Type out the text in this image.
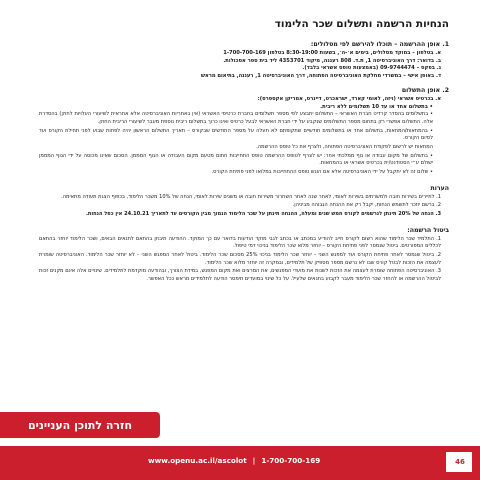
הנחיות הרשמה ותשלום שכר הלימוד
1. אופן ההרשמה – תוכלו להירשם לפי מסלולים:

א. בטלפון – במוקד מסלולים, בימים א׳-ה׳, בשעות 8:30-19:00 בטלפון 1-700-700-169

ב. בדואר: דרך האוניברסיטה 1, ת.ד. 808 רעננה, מיקוד 4353701 ליד בית ספר אסכולות.

ג. בפקס – 09-9744474 (באמצעות טופס אשראי בלבד).

ד. באופן אישי – במשרדי מחלקת האוניברסיטה הפתוחה, דרך האוניברסיטה 1, רעננה, בתיאום מראש

2. אופן התשלום

א. בכרטיס אשראי (ויזה, לאומי קארד, ישראכרט, דיינרס, אמריקן אקספרס):

• בתשלום אחד או עד 10 תשלומים ללא ריבית.

• בתשלומים בהסדר קרדיט חברת האשראי – התשלום יתבצע לפי מספר תשלומים בחברת כרטיסי האשראי (אין באחריות האוניברסיטה אלא אחראית לשיעורי העלויות לחוק) בהסדרת אלה. התשלום אפשרי רק בתחום מספר התשלומים שנקבע על ידי חברת האשראי לבעל כרטיס ואינו כרוך בתשלום ריבית נוספת מעבר לשיעורי הריבית החוק.

• בהמחאות/המחאות, בתשלום אחד או בתשלומים חודשיים שתקופתם לא תעלה על מספר החודשים שבקורס – תאריך התשלום הראשון יהיה לפחות שבוע לפני תחילת הקורס ועד לסיום הקורס.

המחאות יש לרשום לפקודת האוניברסיטה הפתוחה, ולצרף את כל טופס ההרשמה.

• בתשלום של מקום עבודה או גוף ממלכתי אחר: יש לצרף לטופס ההרשמה טופס התחייבות חתום מטעם מקום העבודה או הגוף המממן. הסכום שאינו מכוסה על ידי הגוף המממן ישולם ע״י הסטודנט/ית בכרטיס אשראי או בהמחאות.

• שלום זה לא יתקבל על ידי האוניברסיטה אלא אם הוגש טופס ההתחייבות במלואו לפני פתיחת הקורס.

הערות

1. לתיירים בשירות חובה ולמשרתים בשירות לאומי, לאחר שנה לאחר השחרור משירות חובה או משנים שירות לאומי, הנחה של 10% משכר הלימוד, בכפוף הצגת תעודה מתאימה.

2. ברשם יוזכר לתשמש הנחות, יקבל רק את ההנחה הגבוהה מביניהן.

3. הנחה של 20% תינתן לנרשמים לקורס חמש שנים ומעלה, ההנחה תינתן על שכר הלימוד הנמוך מבין הקורסים עד לתאריך 24.10.21 אין כפל הנחות.

ביטול הרשמה:

1. התלמיד שכר הלימוד שהוא רשום לקורס חייב להודיע במכתב או בכתב לגבי מוקד הודעות בדואר עם כך המוקד. ההודעה תיבחן בהתאם לתנאים הבאים, ושכר הלימוד יוחזר בהתאם לכללים המפורטים. ביטול שנמסר לפני פתיחת הקורס – יוחזר מלוא שכר הלימוד בניכוי דמי טיפול.

2. ביטול שנמסר לאחר פתיחת הקורס ועד למפגש השני – יוחזר שכר הלימוד בניכוי 25% מסכום שכר הלימוד. ביטול לאחר המפגש השני – לא יוחזר שכר הלימוד. האוניברסיטה שומרת לעצמה את הזכות לבטל קורס שבו לא נרשם מספר מספיק של תלמידים, ובמקרה זה יוחזר מלוא שכר הלימוד.

3. האוניברסיטה הפתוחה שומרת לעצמה את הזכות לשנות את מועדי המפגשים, את המרצים ואת מקום המפגש, במידת הצורך, ובהודעה מוקדמת לתלמידים. שינויים אלה אינם מקנים זכות לביטול ההרשמה או להחזר שכר הלימוד מעבר לקבוע בתנאים שלעיל. על כל שינוי במועדים תימסר הודעה לתלמידים מראש ככל האפשר.

חזרה לתוכן העניינים
www.openu.ac.il/ascolot | 1-700-700-169	46
